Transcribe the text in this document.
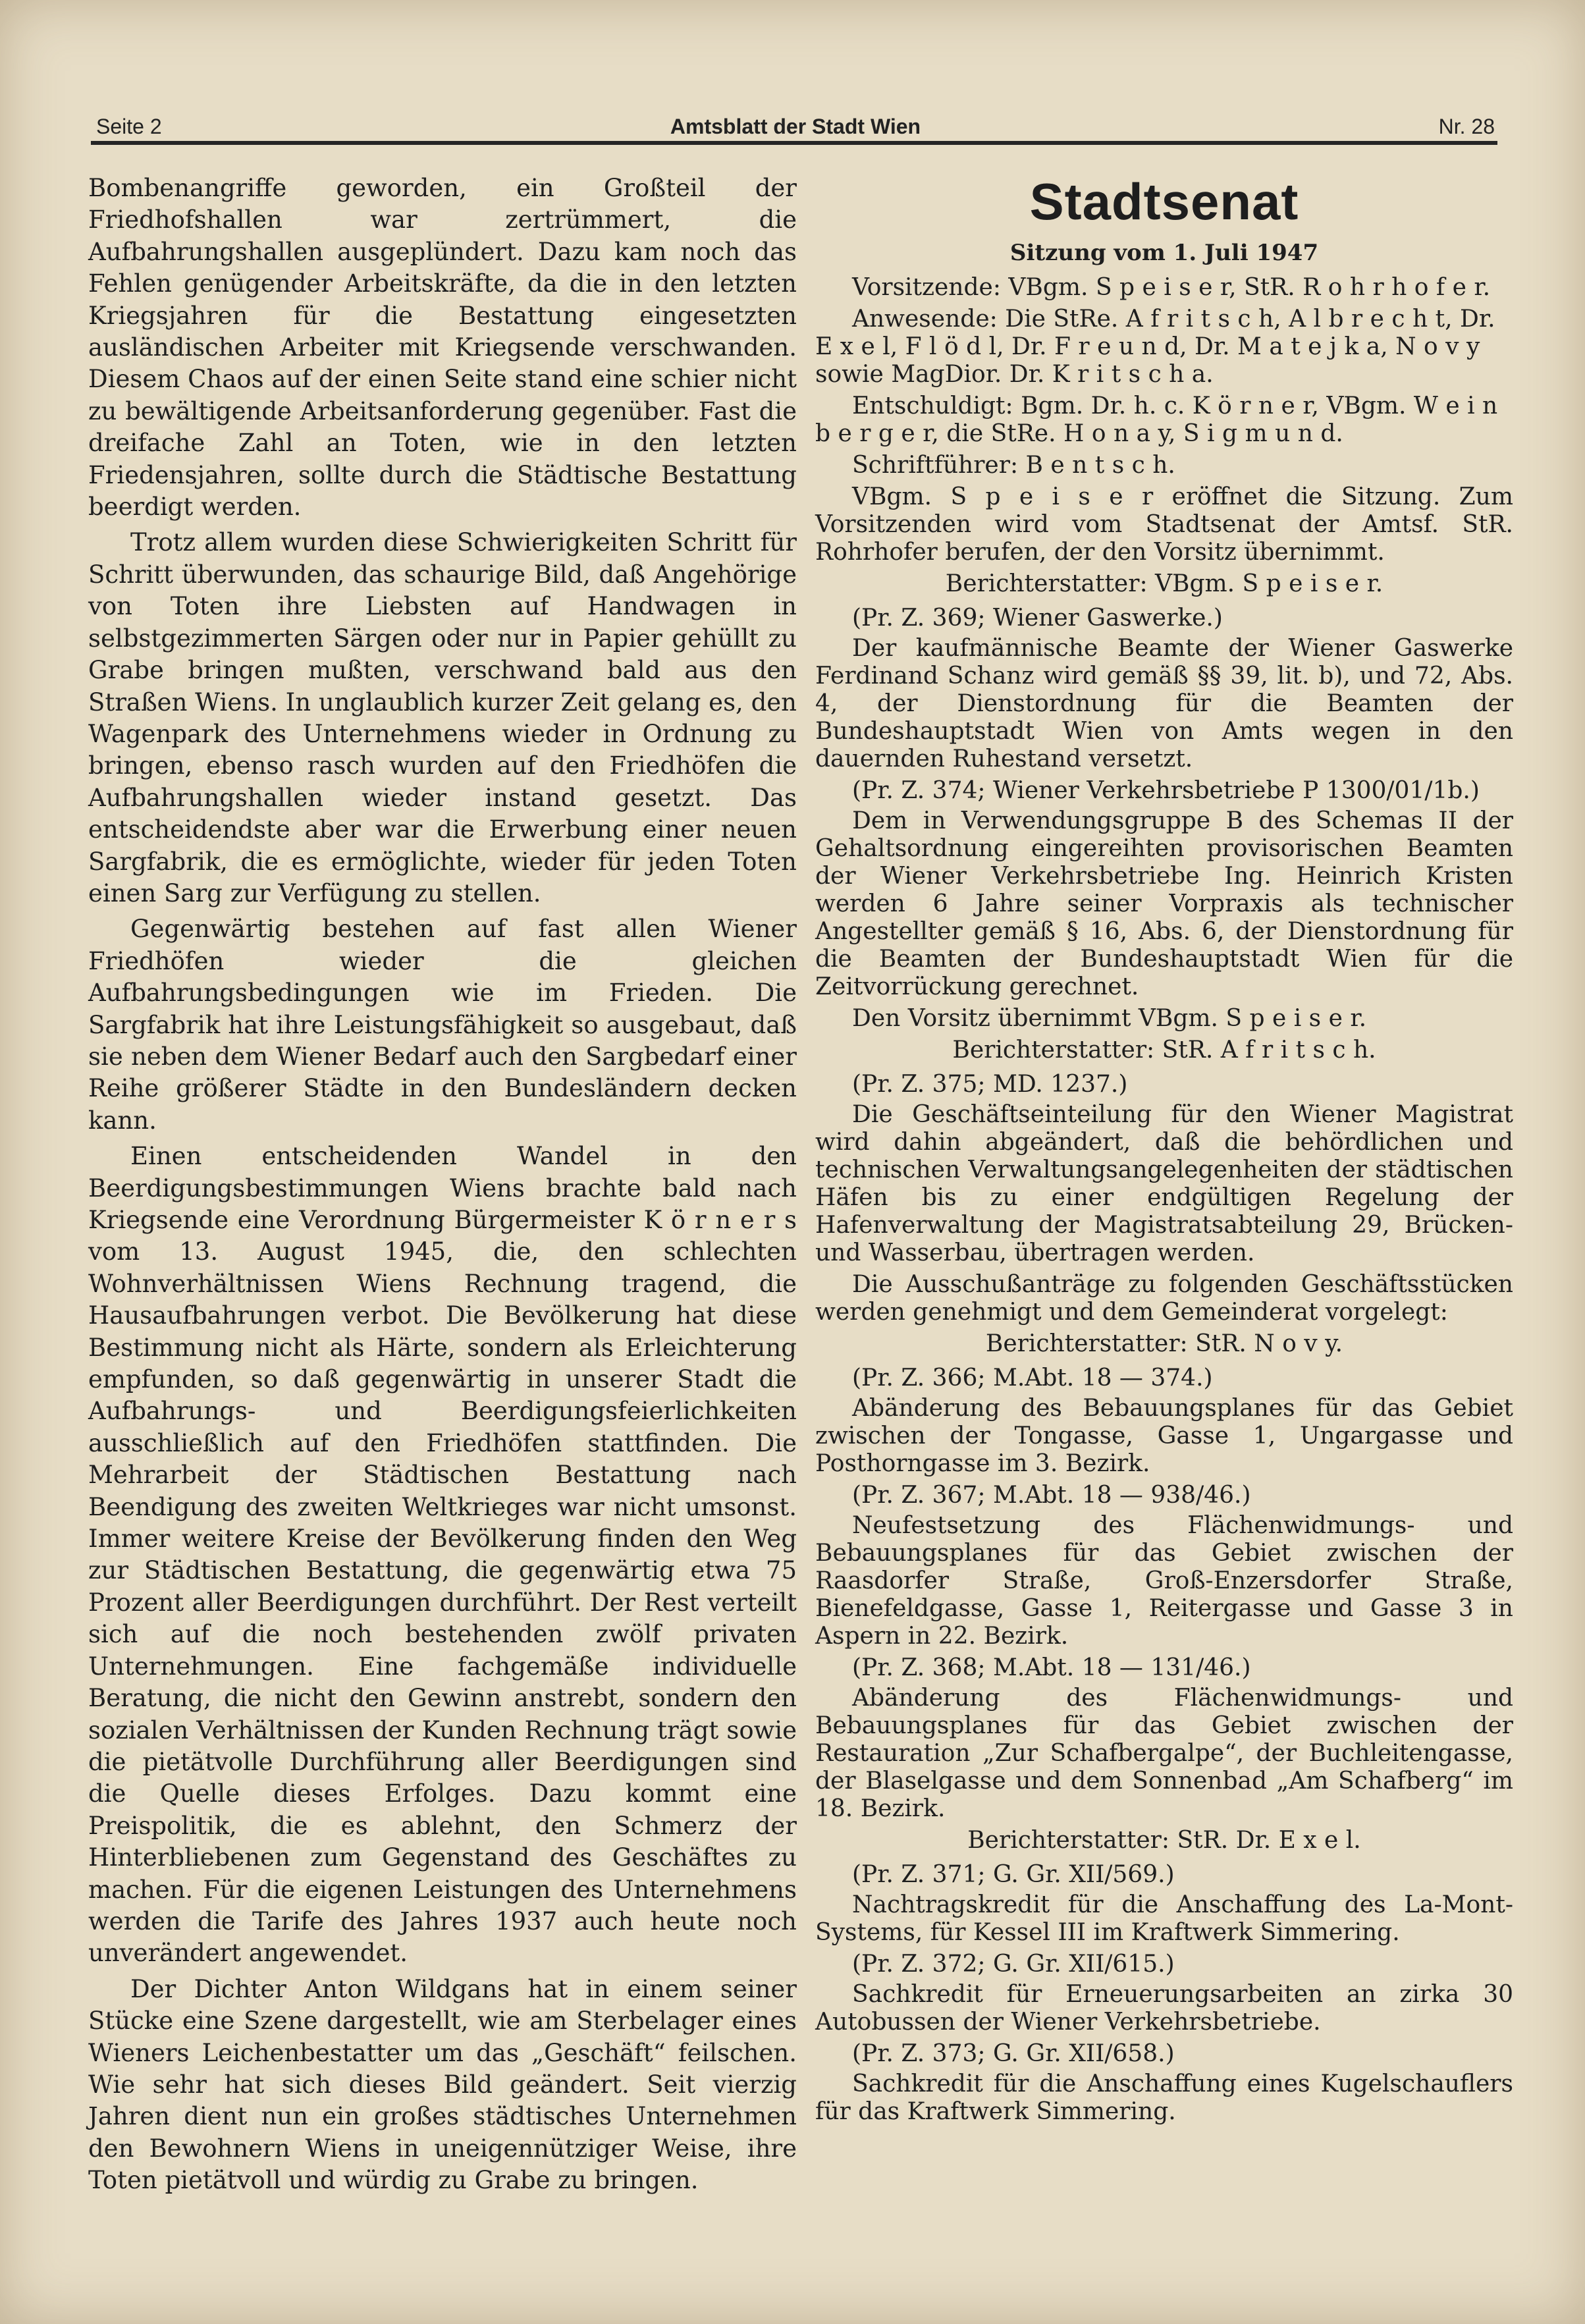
Seite 2	Amtsblatt der Stadt Wien	Nr. 28

Bombenangriffe geworden, ein Großteil der Friedhofshallen war zertrümmert, die Aufbahrungshallen ausgeplündert. Dazu kam noch das Fehlen genügender Arbeitskräfte, da die in den letzten Kriegsjahren für die Bestattung eingesetzten ausländischen Arbeiter mit Kriegsende verschwanden. Diesem Chaos auf der einen Seite stand eine schier nicht zu bewältigende Arbeitsanforderung gegenüber. Fast die dreifache Zahl an Toten, wie in den letzten Friedensjahren, sollte durch die Städtische Bestattung beerdigt werden.

Trotz allem wurden diese Schwierigkeiten Schritt für Schritt überwunden, das schaurige Bild, daß Angehörige von Toten ihre Liebsten auf Handwagen in selbstgezimmerten Särgen oder nur in Papier gehüllt zu Grabe bringen mußten, verschwand bald aus den Straßen Wiens. In unglaublich kurzer Zeit gelang es, den Wagenpark des Unternehmens wieder in Ordnung zu bringen, ebenso rasch wurden auf den Friedhöfen die Aufbahrungshallen wieder instand gesetzt. Das entscheidendste aber war die Erwerbung einer neuen Sargfabrik, die es ermöglichte, wieder für jeden Toten einen Sarg zur Verfügung zu stellen.

Gegenwärtig bestehen auf fast allen Wiener Friedhöfen wieder die gleichen Aufbahrungsbedingungen wie im Frieden. Die Sargfabrik hat ihre Leistungsfähigkeit so ausgebaut, daß sie neben dem Wiener Bedarf auch den Sargbedarf einer Reihe größerer Städte in den Bundesländern decken kann.

Einen entscheidenden Wandel in den Beerdigungsbestimmungen Wiens brachte bald nach Kriegsende eine Verordnung Bürgermeister K ö r n e r s vom 13. August 1945, die, den schlechten Wohnverhältnissen Wiens Rechnung tragend, die Hausaufbahrungen verbot. Die Bevölkerung hat diese Bestimmung nicht als Härte, sondern als Erleichterung empfunden, so daß gegenwärtig in unserer Stadt die Aufbahrungs- und Beerdigungsfeierlichkeiten ausschließlich auf den Friedhöfen stattfinden. Die Mehrarbeit der Städtischen Bestattung nach Beendigung des zweiten Weltkrieges war nicht umsonst. Immer weitere Kreise der Bevölkerung finden den Weg zur Städtischen Bestattung, die gegenwärtig etwa 75 Prozent aller Beerdigungen durchführt. Der Rest verteilt sich auf die noch bestehenden zwölf privaten Unternehmungen. Eine fachgemäße individuelle Beratung, die nicht den Gewinn anstrebt, sondern den sozialen Verhältnissen der Kunden Rechnung trägt sowie die pietätvolle Durchführung aller Beerdigungen sind die Quelle dieses Erfolges. Dazu kommt eine Preispolitik, die es ablehnt, den Schmerz der Hinterbliebenen zum Gegenstand des Geschäftes zu machen. Für die eigenen Leistungen des Unternehmens werden die Tarife des Jahres 1937 auch heute noch unverändert angewendet.

Der Dichter Anton Wildgans hat in einem seiner Stücke eine Szene dargestellt, wie am Sterbelager eines Wieners Leichenbestatter um das „Geschäft“ feilschen. Wie sehr hat sich dieses Bild geändert. Seit vierzig Jahren dient nun ein großes städtisches Unternehmen den Bewohnern Wiens in uneigennütziger Weise, ihre Toten pietätvoll und würdig zu Grabe zu bringen.

Stadtsenat
Sitzung vom 1. Juli 1947

Vorsitzende: VBgm. S p e i s e r, StR. R o h r h o f e r.

Anwesende: Die StRe. A f r i t s c h, A l b r e c h t, Dr. E x e l, F l ö d l, Dr. F r e u n d, Dr. M a t e j k a, N o v y sowie MagDior. Dr. K r i t s c h a.

Entschuldigt: Bgm. Dr. h. c. K ö r n e r, VBgm. W e i n b e r g e r, die StRe. H o n a y, S i g m u n d.

Schriftführer: B e n t s c h.

VBgm. S p e i s e r eröffnet die Sitzung. Zum Vorsitzenden wird vom Stadtsenat der Amtsf. StR. Rohrhofer berufen, der den Vorsitz übernimmt.

Berichterstatter: VBgm. S p e i s e r.

(Pr. Z. 369; Wiener Gaswerke.)

Der kaufmännische Beamte der Wiener Gaswerke Ferdinand Schanz wird gemäß §§ 39, lit. b), und 72, Abs. 4, der Dienstordnung für die Beamten der Bundeshauptstadt Wien von Amts wegen in den dauernden Ruhestand versetzt.

(Pr. Z. 374; Wiener Verkehrsbetriebe P 1300/01/1b.)

Dem in Verwendungsgruppe B des Schemas II der Gehaltsordnung eingereihten provisorischen Beamten der Wiener Verkehrsbetriebe Ing. Heinrich Kristen werden 6 Jahre seiner Vorpraxis als technischer Angestellter gemäß § 16, Abs. 6, der Dienstordnung für die Beamten der Bundeshauptstadt Wien für die Zeitvorrückung gerechnet.

Den Vorsitz übernimmt VBgm. S p e i s e r.

Berichterstatter: StR. A f r i t s c h.

(Pr. Z. 375; MD. 1237.)

Die Geschäftseinteilung für den Wiener Magistrat wird dahin abgeändert, daß die behördlichen und technischen Verwaltungsangelegenheiten der städtischen Häfen bis zu einer endgültigen Regelung der Hafenverwaltung der Magistratsabteilung 29, Brücken- und Wasserbau, übertragen werden.

Die Ausschußanträge zu folgenden Geschäftsstücken werden genehmigt und dem Gemeinderat vorgelegt:

Berichterstatter: StR. N o v y.

(Pr. Z. 366; M.Abt. 18 — 374.)

Abänderung des Bebauungsplanes für das Gebiet zwischen der Tongasse, Gasse 1, Ungargasse und Posthorngasse im 3. Bezirk.

(Pr. Z. 367; M.Abt. 18 — 938/46.)

Neufestsetzung des Flächenwidmungs- und Bebauungsplanes für das Gebiet zwischen der Raasdorfer Straße, Groß-Enzersdorfer Straße, Bienefeldgasse, Gasse 1, Reitergasse und Gasse 3 in Aspern in 22. Bezirk.

(Pr. Z. 368; M.Abt. 18 — 131/46.)

Abänderung des Flächenwidmungs- und Bebauungsplanes für das Gebiet zwischen der Restauration „Zur Schafbergalpe“, der Buchleitengasse, der Blaselgasse und dem Sonnenbad „Am Schafberg“ im 18. Bezirk.

Berichterstatter: StR. Dr. E x e l.

(Pr. Z. 371; G. Gr. XII/569.)

Nachtragskredit für die Anschaffung des La-Mont-Systems, für Kessel III im Kraftwerk Simmering.

(Pr. Z. 372; G. Gr. XII/615.)

Sachkredit für Erneuerungsarbeiten an zirka 30 Autobussen der Wiener Verkehrsbetriebe.

(Pr. Z. 373; G. Gr. XII/658.)

Sachkredit für die Anschaffung eines Kugelschauflers für das Kraftwerk Simmering.
